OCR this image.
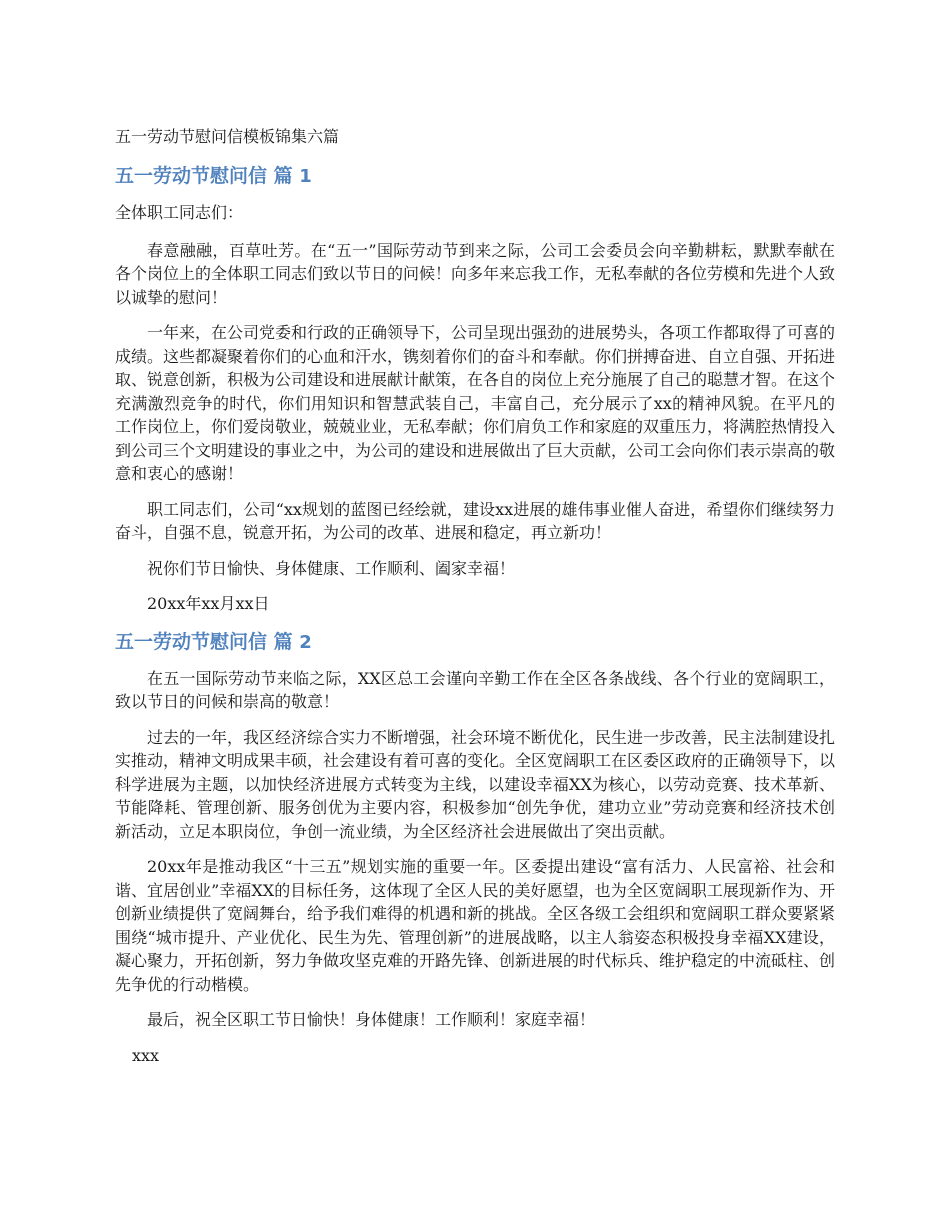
五一劳动节慰问信模板锦集六篇
五一劳动节慰问信 篇 1

全体职工同志们：

春意融融，百草吐芳。在“五一”国际劳动节到来之际，公司工会委员会向辛勤耕耘，默默奉献在各个岗位上的全体职工同志们致以节日的问候！向多年来忘我工作，无私奉献的各位劳模和先进个人致以诚挚的慰问！

一年来，在公司党委和行政的正确领导下，公司呈现出强劲的进展势头，各项工作都取得了可喜的成绩。这些都凝聚着你们的心血和汗水，镌刻着你们的奋斗和奉献。你们拼搏奋进、自立自强、开拓进取、锐意创新，积极为公司建设和进展献计献策，在各自的岗位上充分施展了自己的聪慧才智。在这个充满激烈竞争的时代，你们用知识和智慧武装自己，丰富自己，充分展示了xx的精神风貌。在平凡的工作岗位上，你们爱岗敬业，兢兢业业，无私奉献；你们肩负工作和家庭的双重压力，将满腔热情投入到公司三个文明建设的事业之中，为公司的建设和进展做出了巨大贡献，公司工会向你们表示崇高的敬意和衷心的感谢！

职工同志们，公司“xx规划的蓝图已经绘就，建设xx进展的雄伟事业催人奋进，希望你们继续努力奋斗，自强不息，锐意开拓，为公司的改革、进展和稳定，再立新功！

祝你们节日愉快、身体健康、工作顺利、阖家幸福！

20xx年xx月xx日

五一劳动节慰问信 篇 2

在五一国际劳动节来临之际，XX区总工会谨向辛勤工作在全区各条战线、各个行业的宽阔职工，致以节日的问候和崇高的敬意！

过去的一年，我区经济综合实力不断增强，社会环境不断优化，民生进一步改善，民主法制建设扎实推动，精神文明成果丰硕，社会建设有着可喜的变化。全区宽阔职工在区委区政府的正确领导下，以科学进展为主题，以加快经济进展方式转变为主线，以建设幸福XX为核心，以劳动竞赛、技术革新、节能降耗、管理创新、服务创优为主要内容，积极参加“创先争优，建功立业”劳动竞赛和经济技术创新活动，立足本职岗位，争创一流业绩，为全区经济社会进展做出了突出贡献。

20xx年是推动我区“十三五”规划实施的重要一年。区委提出建设“富有活力、人民富裕、社会和谐、宜居创业”幸福XX的目标任务，这体现了全区人民的美好愿望，也为全区宽阔职工展现新作为、开创新业绩提供了宽阔舞台，给予我们难得的机遇和新的挑战。全区各级工会组织和宽阔职工群众要紧紧围绕“城市提升、产业优化、民生为先、管理创新”的进展战略，以主人翁姿态积极投身幸福XX建设，凝心聚力，开拓创新，努力争做攻坚克难的开路先锋、创新进展的时代标兵、维护稳定的中流砥柱、创先争优的行动楷模。

最后，祝全区职工节日愉快！身体健康！工作顺利！家庭幸福！

xxx
